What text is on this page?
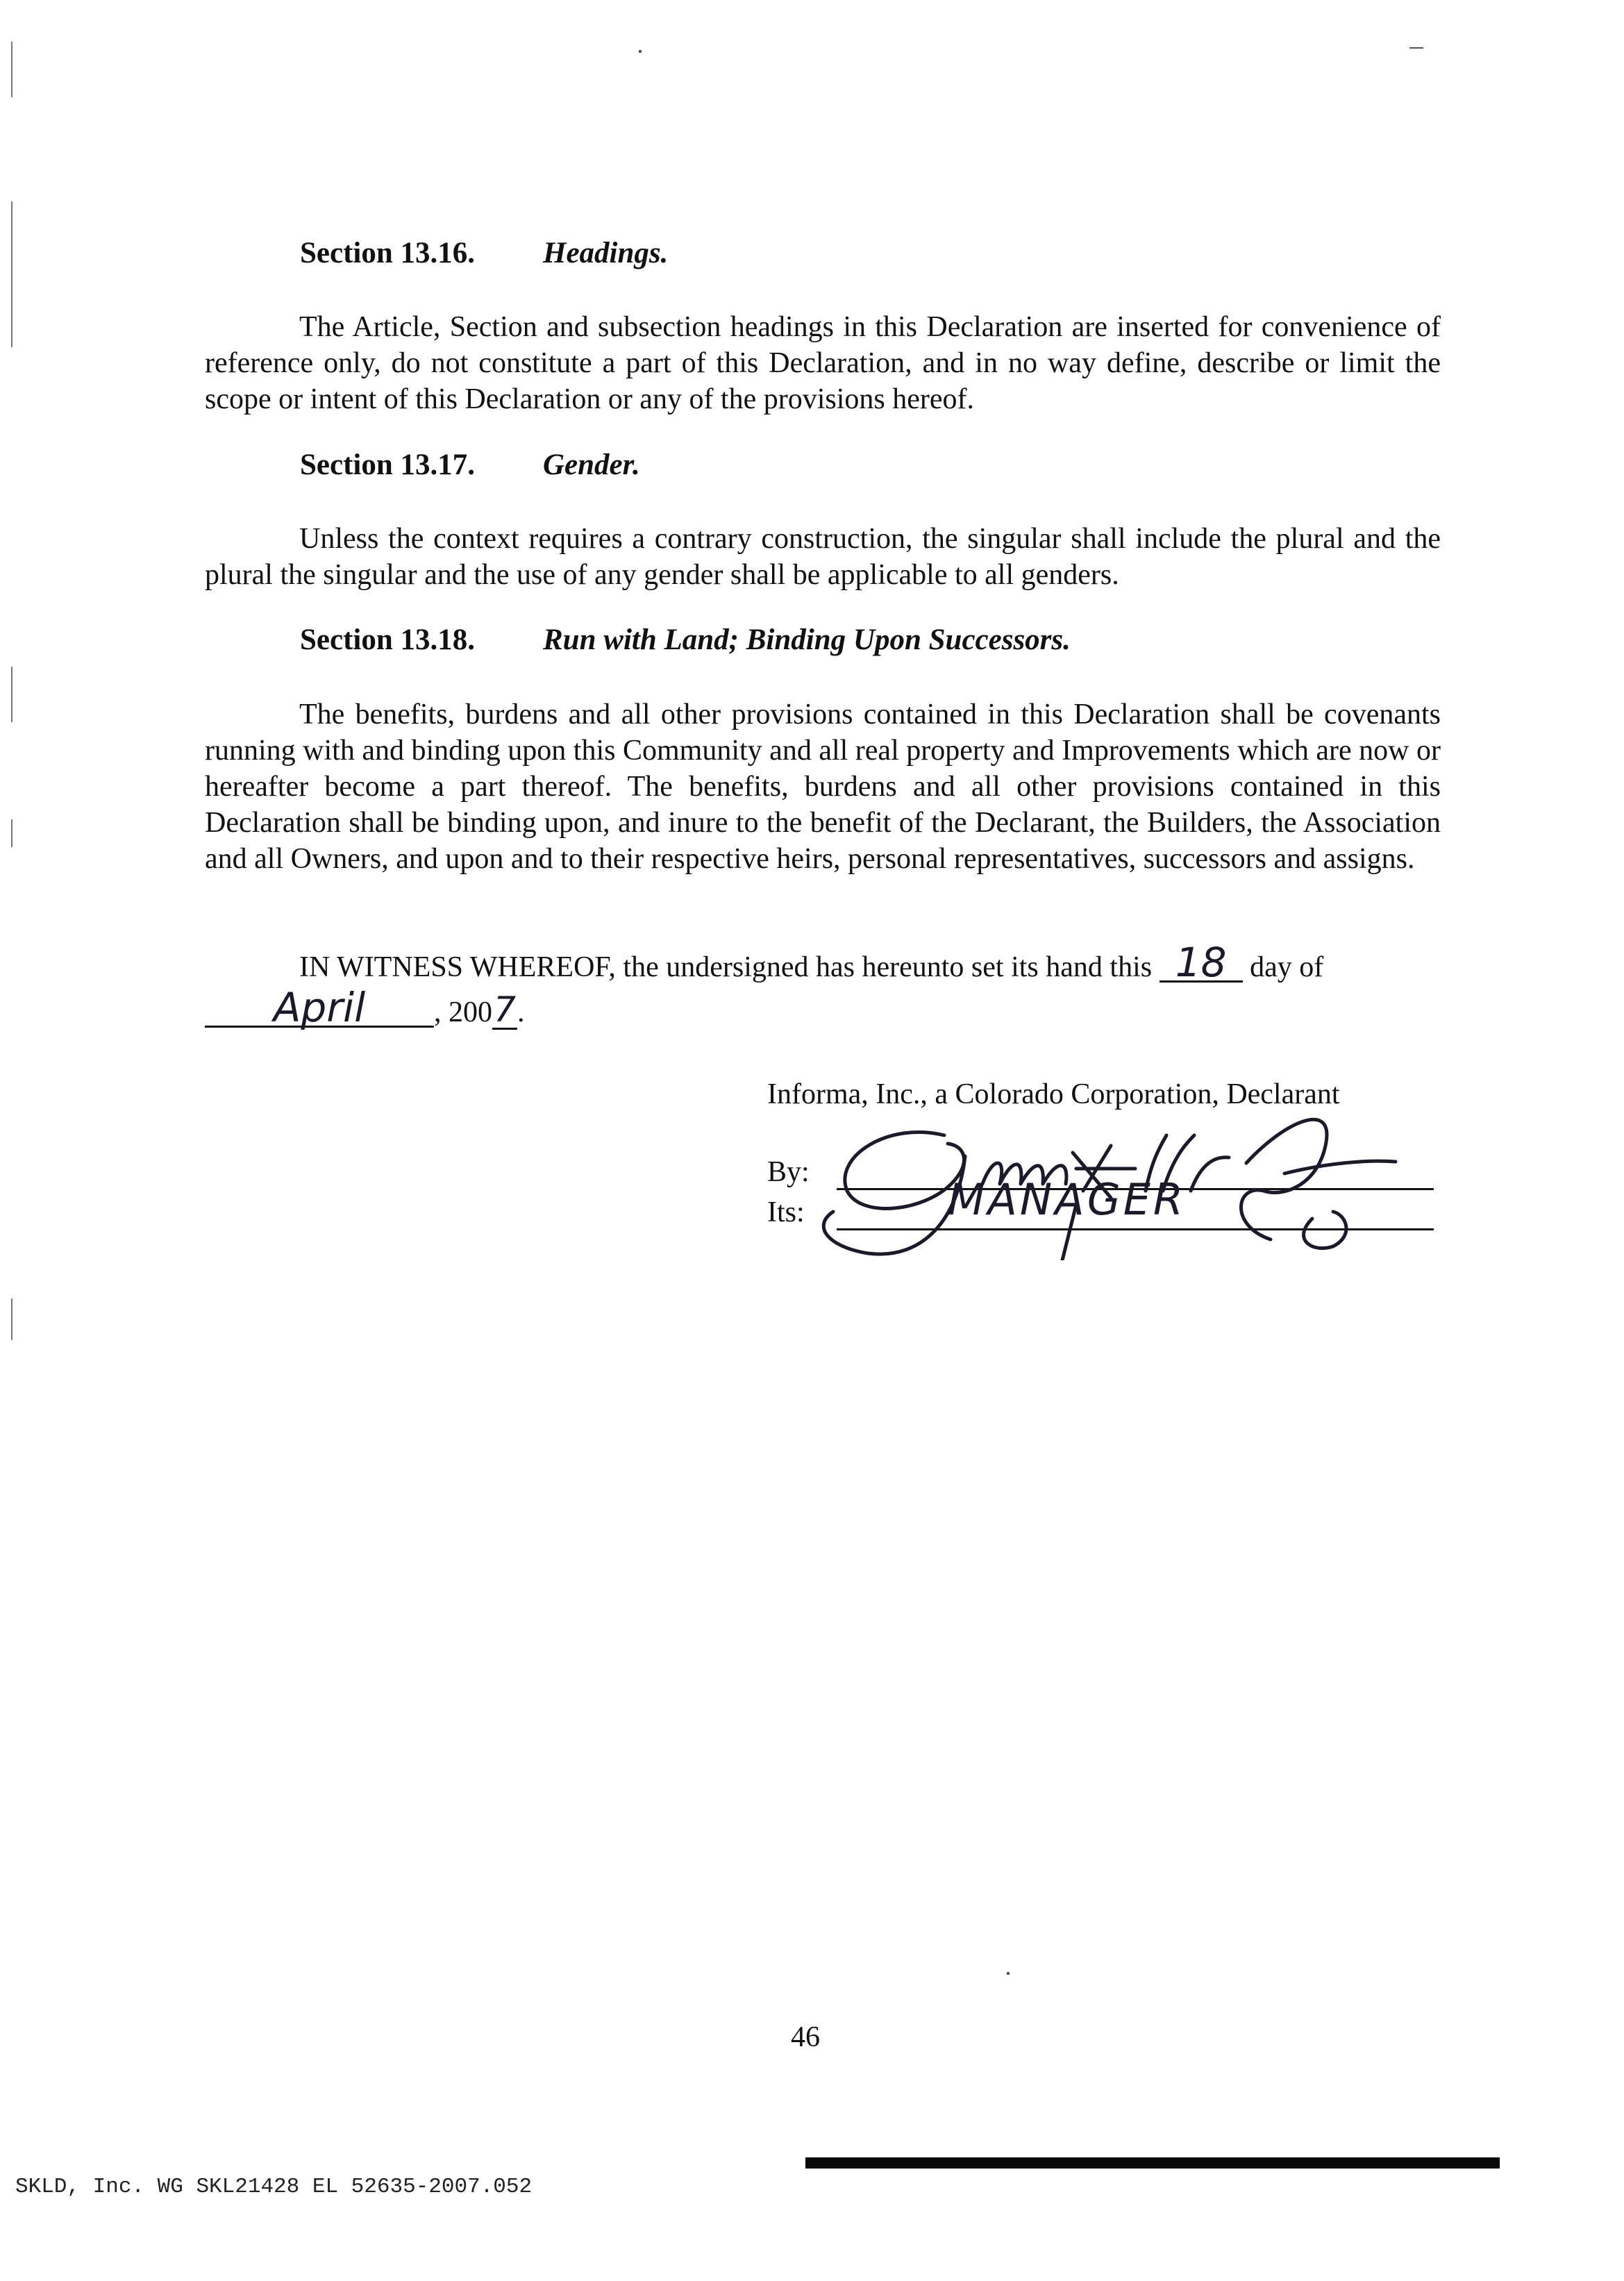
Section 13.16. Headings.
The Article, Section and subsection headings in this Declaration are inserted for convenience of reference only, do not constitute a part of this Declaration, and in no way define, describe or limit the scope or intent of this Declaration or any of the provisions hereof.
Section 13.17. Gender.
Unless the context requires a contrary construction, the singular shall include the plural and the plural the singular and the use of any gender shall be applicable to all genders.
Section 13.18. Run with Land; Binding Upon Successors.
The benefits, burdens and all other provisions contained in this Declaration shall be covenants running with and binding upon this Community and all real property and Improvements which are now or hereafter become a part thereof. The benefits, burdens and all other provisions contained in this Declaration shall be binding upon, and inure to the benefit of the Declarant, the Builders, the Association and all Owners, and upon and to their respective heirs, personal representatives, successors and assigns.
IN WITNESS WHEREOF, the undersigned has hereunto set its hand this 18 day of
April , 2007.
Informa, Inc., a Colorado Corporation, Declarant
By:
Its:	MANAGER
46
SKLD, Inc. WG SKL21428 EL 52635-2007.052
